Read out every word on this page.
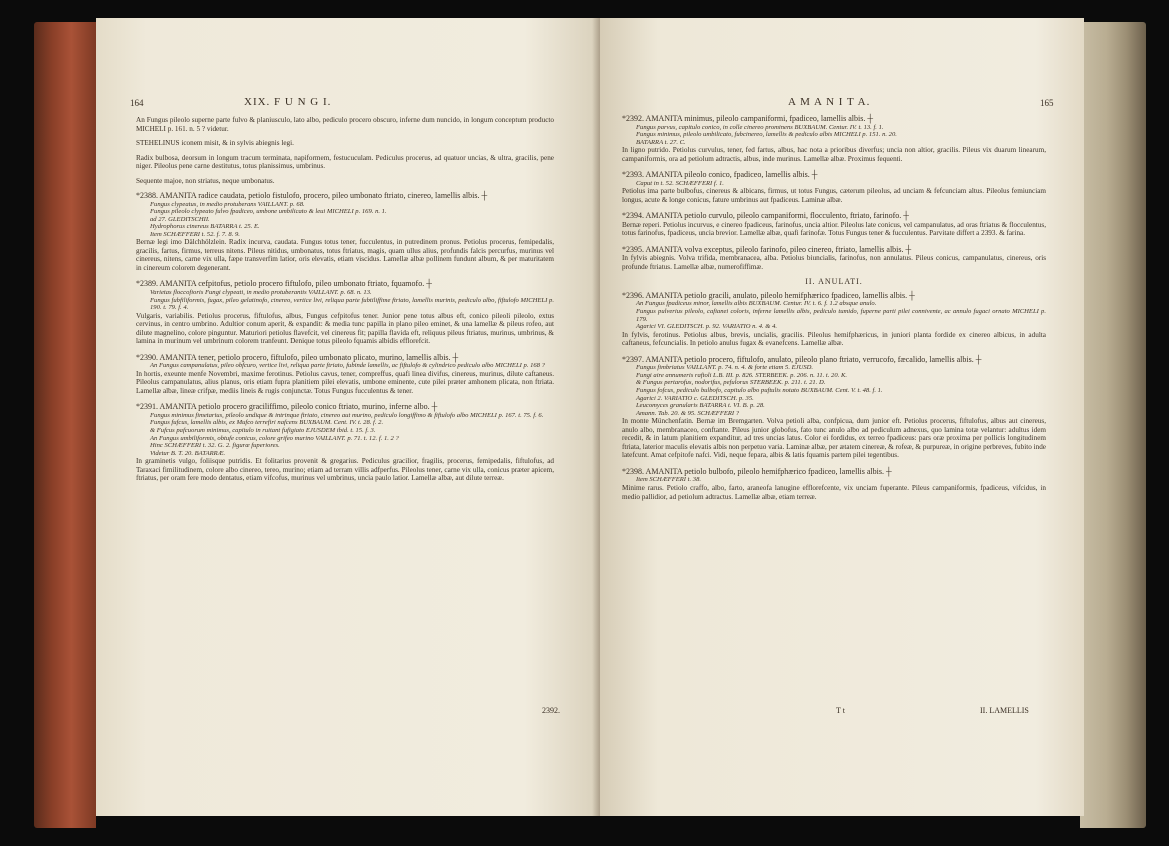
164	XIX. F U N G I.

An Fungus pileolo superne parte fulvo & planiusculo, lato albo, pediculo procero obscuro, inferne dum nuncido, in longum conceptum producto MICHELI p. 161. n. 5 ? videtur.

STEHELINUS iconem misit, & in sylvis abiegnis legi.

Radix bulbosa, deorsum in longum tracum terminata, napiformem, festucuculam. Pediculus procerus, ad quatuor uncias, & ultra, gracilis, pene niger. Pileolus pene carne destitutus, totus planissimus, umbrinus.

Sequente majoe, non striatus, neque umbonatus.

*2388. AMANITA radice caudata, petiolo fistulofo, procero, pileo umbonato ftriato, cinereo, lamellis albis. ┼
Fungus clypeatus, in medio protuberans VAILLANT. p. 68.
Fungus pileolo clypeato fulvo fpadiceo, umbone umbilicato & leui MICHELI p. 169. n. 1.
ad 27. GLEDITSCHII.
Hydrophorus cinereus BATARRA t. 25. E.
Item SCHÆFFERI t. 52. f. 7. 8. 9.
Bernæ legi imo Dälchhölzlein. Radix incurva, caudata. Fungus totus tener, fucculentus, in putredinem pronus. Petiolus procerus, femipedalis, gracilis, fartus, firmus, terreus nitens. Pileus nitidus, umbonatus, totus ftriatus, magis, quam ullus alius, profundis falcis percurfus, murinus vel cinereus, nitens, carne vix ulla, fæpe transverfim latior, oris elevatis, etiam viscidus. Lamellæ albæ pollinem fundunt album, & per maturitatem in cinereum colorem degenerant.
*2389. AMANITA cefpitofus, petiolo procero fiftulofo, pileo umbonato ftriato, fquamofo. ┼
Varietas floccofioris Fungi clypeati, in medio protuberantis VAILLANT. p. 68. n. 13.
Fungus fubfiliformis, fugax, pileo gelatinofo, cinereo, vertice livi, reliqua parte fubtiliffime ftriato, lamellis murinis, pediculo albo, fiftulofo MICHELI p. 190. t. 79. f. 4.
Vulgaris, variabilis. Petiolus procerus, fiftulofus, albus, Fungus cefpitofus tener. Junior pene totus albus eft, conico pileoli pileolo, extus cervinus, in centro umbrino. Adultior conum aperit, & expandit: & media tunc papilla in plano pileo eminet, & una lamellæ & pileus rofeo, aut dilute magnelino, colore pinguntur. Maturiori petiolus flavefcit, vel cinereus fit; papilla flavida eft, reliquus pileus ftriatus, murinus, umbrinus, & lamina in murinum vel umbrinum colorem tranfeunt. Denique totus pileolo fquamis albidis efflorefcit.
*2390. AMANITA tener, petiolo procero, fiftulofo, pileo umbonato plicato, murino, lamellis albis. ┼
An Fungus campanulatus, pileo obfcuro, vertice livi, reliqua parte ftriato, fubinde lamellis, ac fiftulofo & cylindrico pediculo albo MICHELI p. 168 ?
In hortis, exeunte menfe Novembri, maxime ferotinus. Petiolus cavus, tener, compreffus, quafi linea divifus, cinereus, murinus, dilute caftaneus. Pileolus campanulatus, alius planus, oris etiam fupra planitiem pilei elevatis, umbone eminente, cute pilei præter amhonem plicata, non ftriata. Lamellæ albæ, lineæ crifpæ, mediis lineis & rugis conjunctæ. Totus Fungus fucculentus & tener.
*2391. AMANITA petiolo procero graciliffimo, pileolo conico ftriato, murino, inferne albo. ┼
Fungus minimus fimetarius, pileolo undique & intrinque ftriato, cinereo aut murino, pediculo longiffimo & fiftulofo albo MICHELI p. 167. t. 75. f. 6.
Fungus fufcus, lamellis albis, ex Mufco terrefiri nafcens BUXBAUM. Cent. IV. t. 28. f. 2.
& Fufcus pafcuorum minimus, capitulo in ruitant fufigiato EJUSDEM ibid. t. 15. f. 3.
An Fungus umbiliformis, obtufe conicus, colore grifeo murino VAILLANT. p. 71. t. 12. f. 1. 2 ?
Hinc SCHÆFFERI t. 32. G. 2. figuræ fuperiores.
Videtur B. T. 20. BATARRÆ.
In graminetis vulgo, foliisque putridis. Et folitarius provenit & gregarius. Pediculus gracilior, fragilis, procerus, femipedalis, fiftulofus, ad Taraxaci fimilitudinem, colore albo cinereo, tereo, murino; etiam ad terram villis adfperfus. Pileolus tener, carne vix ulla, conicus præter apicem, ftriatus, per oram fere modo dentatus, etiam vifcofus, murinus vel umbrinus, uncia paulo latior. Lamellæ albæ, aut dilute terreæ.
2392.
A M A N I T A.	165
*2392. AMANITA minimus, pileolo campaniformi, fpadiceo, lamellis albis. ┼
Fungus parvus, capitulo conico, in colle cinereo prominens BUXBAUM. Centur. IV. t. 13. f. 1.
Fungus minimus, pileolo umbilicato, fubcinereo, lamellis & pediculo albis MICHELI p. 151. n. 20.
BATARRA t. 27. C.
In ligno putrido. Petiolus curvulus, tener, fed fartus, albus, hac nota a prioribus diverfus; uncia non altior, gracilis. Pileus vix duarum linearum, campaniformis, ora ad petiolum adtractis, albus, inde murinus. Lamellæ albæ. Proximus fequenti.
*2393. AMANITA pileolo conico, fpadiceo, lamellis albis. ┼
Caput in t. 52. SCHÆFFERI f. 1.
Petiolus ima parte bulbofus, cinereus & albicans, firmus, ut totus Fungus, cæterum pileolus, ad unciam & fefcunciam altus. Pileolus femiunciam longus, acute & longe conicus, fature umbrinus aut fpadiceus. Laminæ albæ.
*2394. AMANITA petiolo curvulo, pileolo campaniformi, flocculento, ftriato, farinofo. ┼
Bernæ reperi. Petiolus incurvus, e cinereo fpadiceus, farinofus, uncia altior. Pileolus late conicus, vel campanulatus, ad oras ftriatus & flocculentus, totus farinofus, fpadiceus, uncia brevior. Lamellæ albæ, quafi farinofæ. Totus Fungus tener & fucculentus. Parvitate differt a 2393. & farina.
*2395. AMANITA volva exceptus, pileolo farinofo, pileo cinereo, ftriato, lamellis albis. ┼
In fylvis abiegnis. Volva trifida, membranacea, alba. Petiolus biuncialis, farinofus, non annulatus. Pileus conicus, campanulatus, cinereus, oris profunde ftriatus. Lamellæ albæ, numerofiffimæ.
II. ANULATI.
*2396. AMANITA petiolo gracili, anulato, pileolo hemifphærico fpadiceo, lamellis albis. ┼
An Fungus fpadiceus minor, lamellis albis BUXBAUM. Centur. IV. t. 6. f. 1.2 absque anulo.
Fungus pulverius pileolo, cafianei coloris, inferne lamellis albis, pediculo tumido, fuperne parti pilei connivente, ac annulo fugaci ornato MICHELI p. 179.
Agarici VI. GLEDITSCH. p. 92. VARIATIO n. 4. & 4.
In fylvis, ferotinus. Petiolus albus, brevis, uncialis, gracilis. Pileolus hemifphæricus, in juniori planta fordide ex cinereo albicus, in adulta caftaneus, fefcuncialis. In petiolo anulus fugax & evanefcens. Lamellæ albæ.
*2397. AMANITA petiolo procero, fiftulofo, anulato, pileolo plano ftriato, verrucofo, fæcalido, lamellis albis. ┼
Fungus fimbriatus VAILLANT. p. 74. n. 4. & forte etiam 5. EJUSD.
Fungi aire annumeris raftoli L.B. III. p. 826. STERBEEK. p. 206. n. 11. t. 20. K.
& Fungus pertarofus, nodorifus, pefulorus STERBEEK. p. 211. t. 21. D.
Fungus fofcus, pediculo bulbofo, capitulo albo puftulis notato BUXBAUM. Cent. V. t. 48. f. 1.
Agarici 2. VARIATIO c. GLEDITSCH. p. 35.
Leucomyces granularis BATARRA t. VI. B. p. 28.
Amann. Tab. 20. & 95. SCHÆFFERI ?
In monte Münchenfatin. Bernæ im Bremgarten. Volva petioli alba, confpicua, dum junior eft. Petiolus procerus, fiftulofus, albus aut cinereus, anulo albo, membranaceo, conftante. Pileus junior globofus, fato tunc anulo albo ad pediculum adnexus, quo lamina totæ velantur: adultus idem recedit, & in latum planitiem expanditur, ad tres uncias latus. Color ei fordidus, ex terreo fpadiceus: pars oræ proxima per pollicis longitudinem ftriata, laterior maculis elevatis albis non perpetuo varia. Laminæ albæ, per ætatem cinereæ, & rofeæ, & purpureæ, in origine perbreves, fubito inde latefcunt. Amat cefpitofe nafci. Vidi, neque fepara, albis & latis fquamis partem pilei tegentibus.
*2398. AMANITA petiolo bulbofo, pileolo hemifphærico fpadiceo, lamellis albis. ┼
Item SCHÆFFERI t. 38.
Minime rarus. Petiolo craffo, albo, farto, araneofa lanugine efflorefcente, vix unciam fuperante. Pileus campaniformis, fpadiceus, vifcidus, in medio pallidior, ad petiolum adtractus. Lamellæ albæ, etiam terreæ.
T t	II. LAMELLIS
